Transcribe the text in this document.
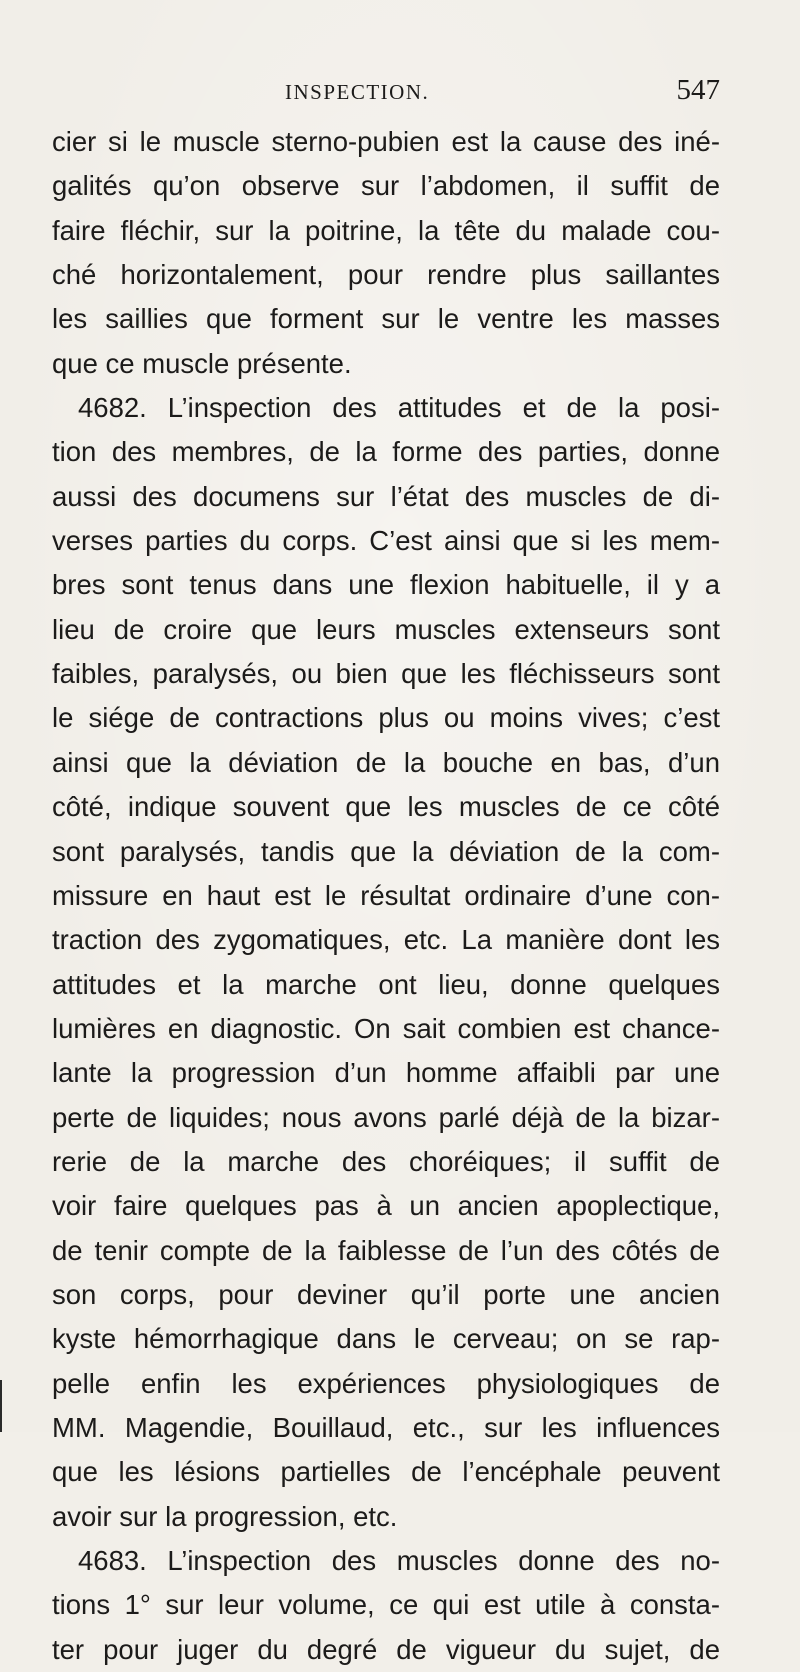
INSPECTION.	547
cier si le muscle sterno-pubien est la cause des iné-
galités qu’on observe sur l’abdomen, il suffit de
faire fléchir, sur la poitrine, la tête du malade cou-
ché horizontalement, pour rendre plus saillantes
les saillies que forment sur le ventre les masses
que ce muscle présente.
4682. L’inspection des attitudes et de la posi-
tion des membres, de la forme des parties, donne
aussi des documens sur l’état des muscles de di-
verses parties du corps. C’est ainsi que si les mem-
bres sont tenus dans une flexion habituelle, il y a
lieu de croire que leurs muscles extenseurs sont
faibles, paralysés, ou bien que les fléchisseurs sont
le siége de contractions plus ou moins vives; c’est
ainsi que la déviation de la bouche en bas, d’un
côté, indique souvent que les muscles de ce côté
sont paralysés, tandis que la déviation de la com-
missure en haut est le résultat ordinaire d’une con-
traction des zygomatiques, etc. La manière dont les
attitudes et la marche ont lieu, donne quelques
lumières en diagnostic. On sait combien est chance-
lante la progression d’un homme affaibli par une
perte de liquides; nous avons parlé déjà de la bizar-
rerie de la marche des choréiques; il suffit de
voir faire quelques pas à un ancien apoplectique,
de tenir compte de la faiblesse de l’un des côtés de
son corps, pour deviner qu’il porte une ancien
kyste hémorrhagique dans le cerveau; on se rap-
pelle enfin les expériences physiologiques de
MM. Magendie, Bouillaud, etc., sur les influences
que les lésions partielles de l’encéphale peuvent
avoir sur la progression, etc.
4683. L’inspection des muscles donne des no-
tions 1° sur leur volume, ce qui est utile à consta-
ter pour juger du degré de vigueur du sujet, de
